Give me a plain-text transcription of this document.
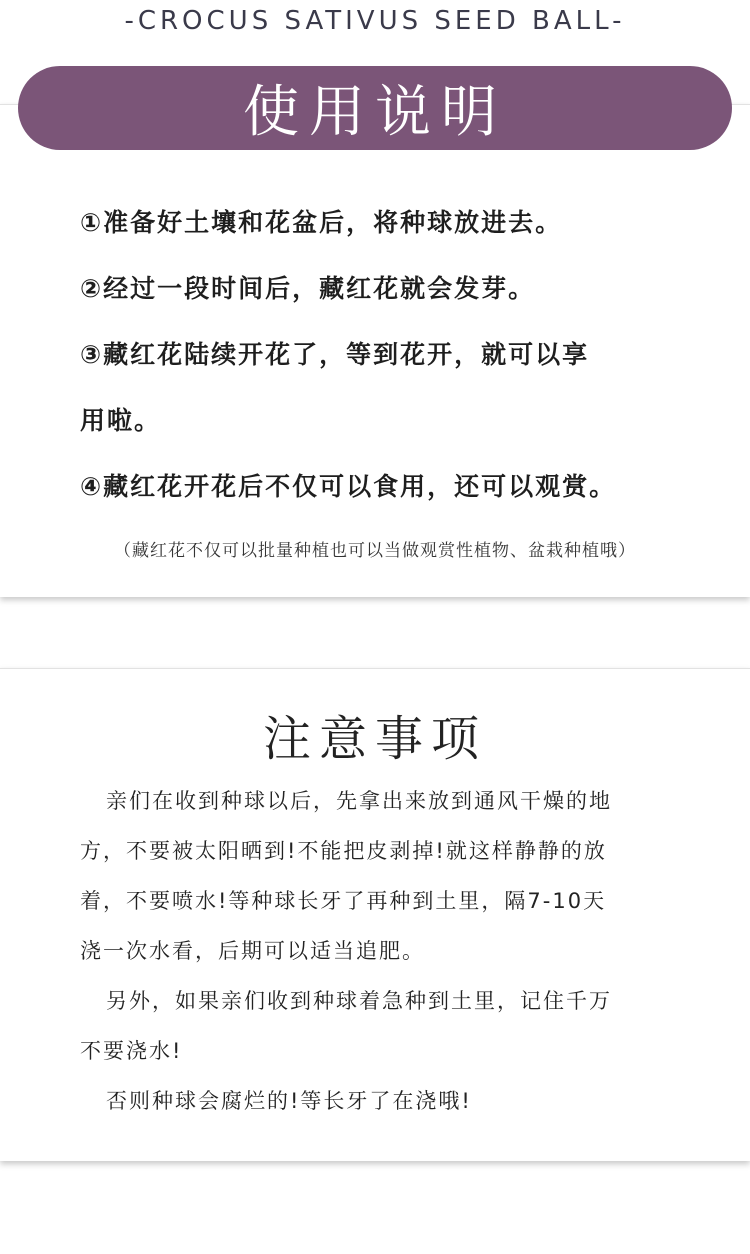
-CROCUS SATIVUS SEED BALL-
使用说明
①准备好土壤和花盆后，将种球放进去。
②经过一段时间后，藏红花就会发芽。
③藏红花陆续开花了，等到花开，就可以享
用啦。
④藏红花开花后不仅可以食用，还可以观赏。
（藏红花不仅可以批量种植也可以当做观赏性植物、盆栽种植哦）
注意事项
亲们在收到种球以后，先拿出来放到通风干燥的地
方，不要被太阳晒到!不能把皮剥掉!就这样静静的放
着，不要喷水!等种球长牙了再种到土里，隔7-10天
浇一次水看，后期可以适当追肥。
另外，如果亲们收到种球着急种到土里，记住千万
不要浇水!
否则种球会腐烂的!等长牙了在浇哦!
